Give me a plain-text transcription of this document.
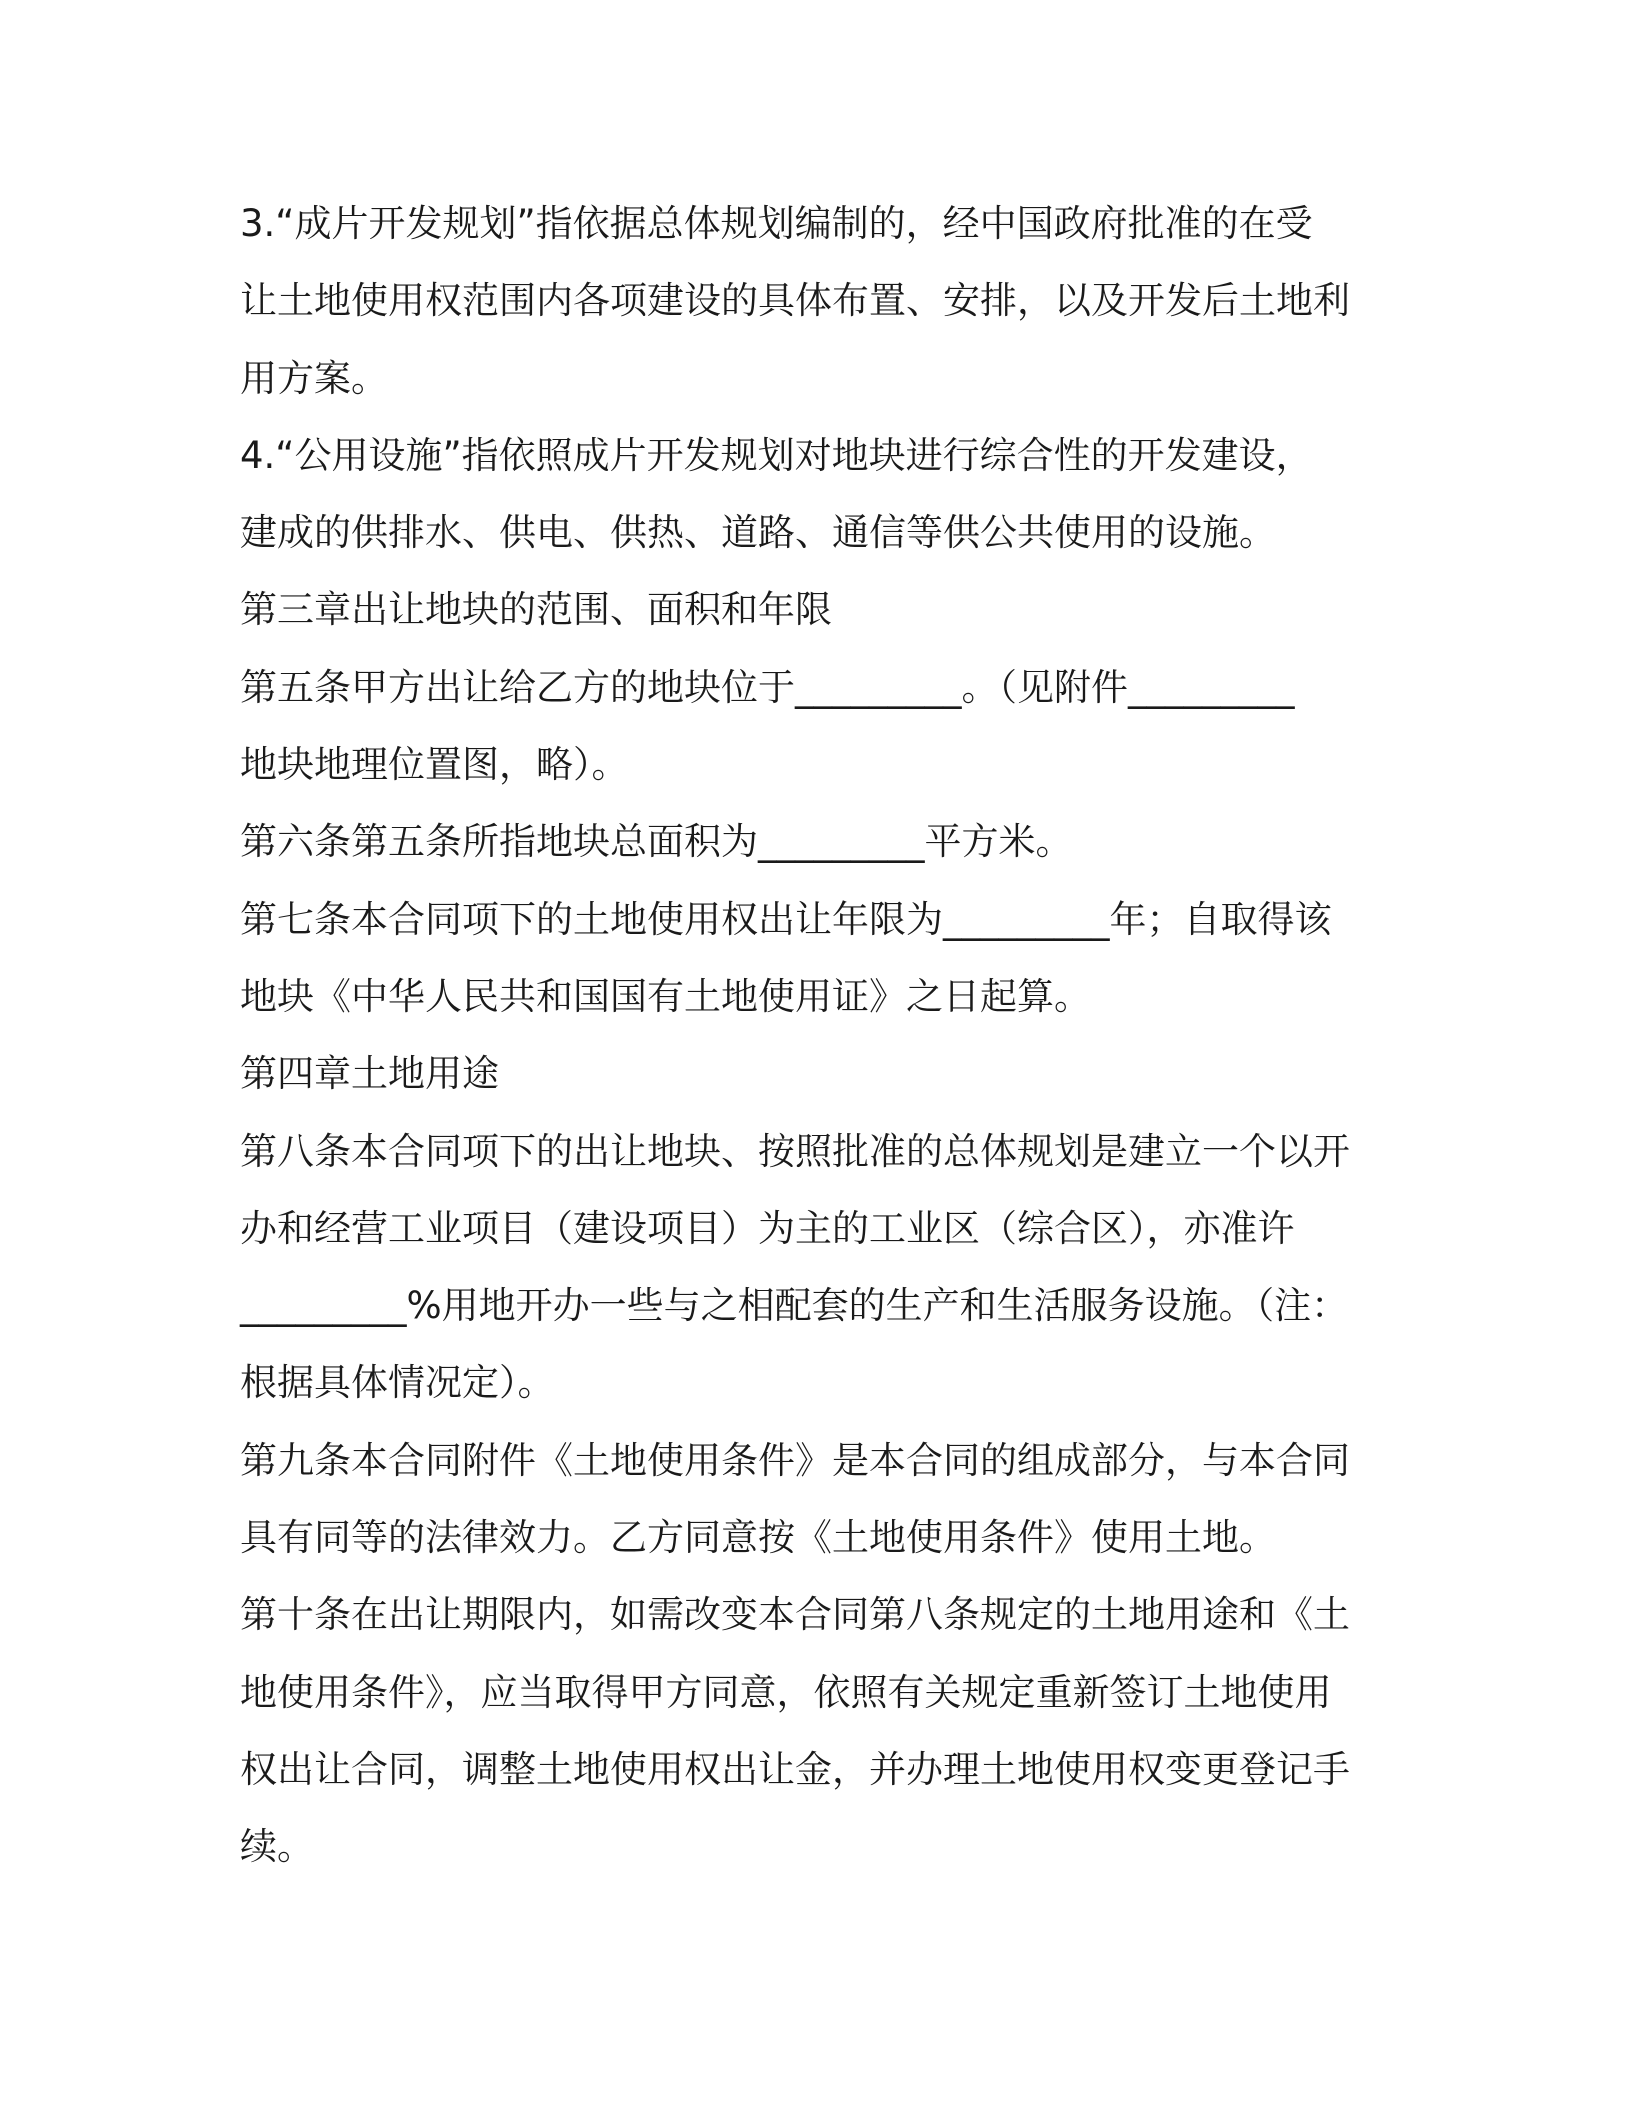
3.“成片开发规划”指依据总体规划编制的，经中国政府批准的在受
让土地使用权范围内各项建设的具体布置、安排，以及开发后土地利
用方案。
4.“公用设施”指依照成片开发规划对地块进行综合性的开发建设，
建成的供排水、供电、供热、道路、通信等供公共使用的设施。
第三章出让地块的范围、面积和年限
第五条甲方出让给乙方的地块位于_________。（见附件_________
地块地理位置图，略）。
第六条第五条所指地块总面积为_________平方米。
第七条本合同项下的土地使用权出让年限为_________年；自取得该
地块《中华人民共和国国有土地使用证》之日起算。
第四章土地用途
第八条本合同项下的出让地块、按照批准的总体规划是建立一个以开
办和经营工业项目（建设项目）为主的工业区（综合区），亦准许
_________%用地开办一些与之相配套的生产和生活服务设施。（注：
根据具体情况定）。
第九条本合同附件《土地使用条件》是本合同的组成部分，与本合同
具有同等的法律效力。乙方同意按《土地使用条件》使用土地。
第十条在出让期限内，如需改变本合同第八条规定的土地用途和《土
地使用条件》，应当取得甲方同意，依照有关规定重新签订土地使用
权出让合同，调整土地使用权出让金，并办理土地使用权变更登记手
续。
